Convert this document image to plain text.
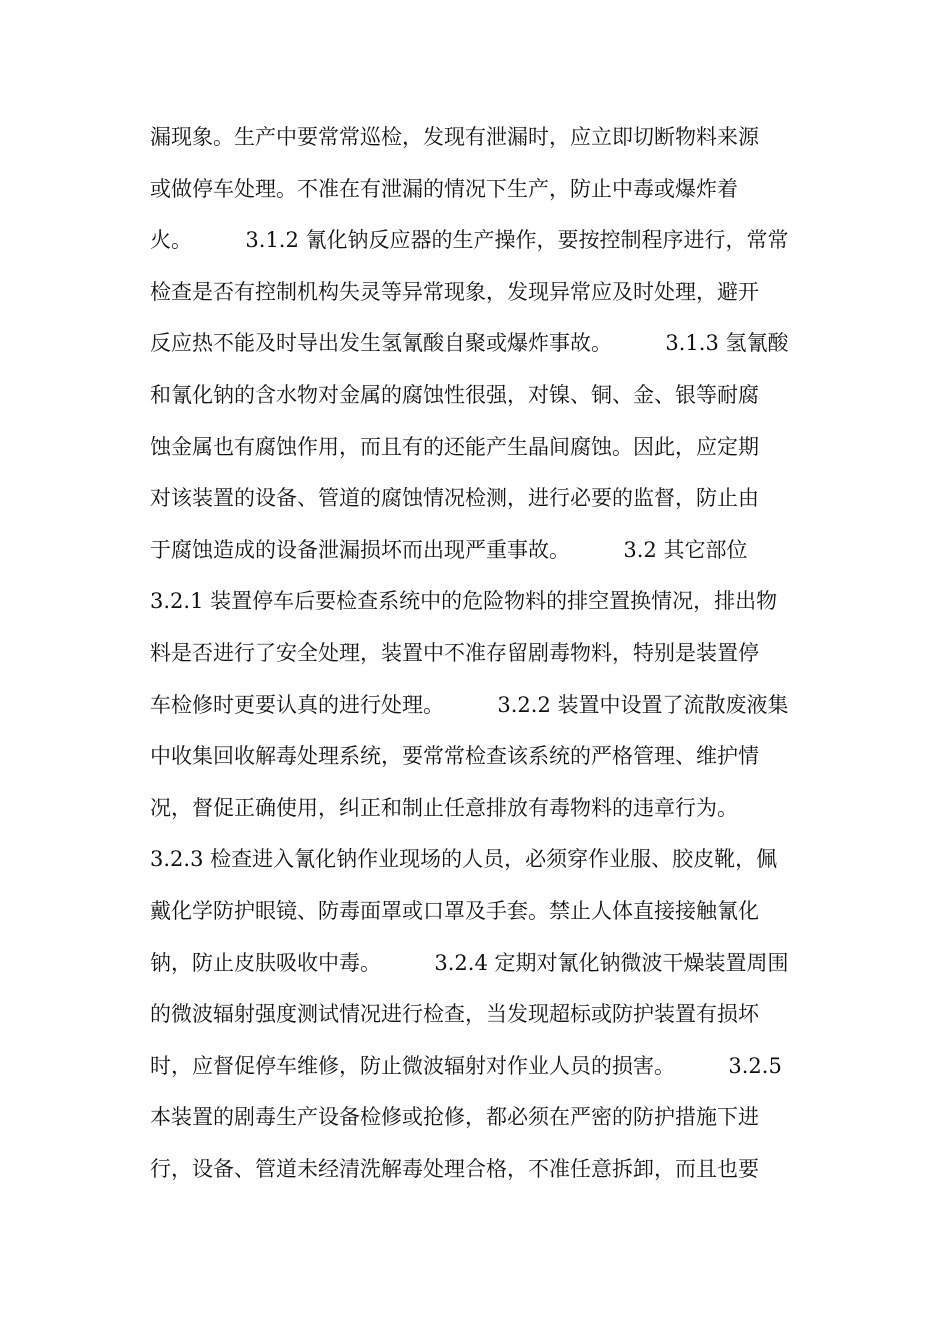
漏现象。生产中要常常巡检，发现有泄漏时，应立即切断物料来源
或做停车处理。不准在有泄漏的情况下生产，防止中毒或爆炸着
火。        3.1.2 氰化钠反应器的生产操作，要按控制程序进行，常常
检查是否有控制机构失灵等异常现象，发现异常应及时处理，避开
反应热不能及时导出发生氢氰酸自聚或爆炸事故。        3.1.3 氢氰酸
和氰化钠的含水物对金属的腐蚀性很强，对镍、铜、金、银等耐腐
蚀金属也有腐蚀作用，而且有的还能产生晶间腐蚀。因此，应定期
对该装置的设备、管道的腐蚀情况检测，进行必要的监督，防止由
于腐蚀造成的设备泄漏损坏而出现严重事故。        3.2 其它部位
3.2.1 装置停车后要检查系统中的危险物料的排空置换情况，排出物
料是否进行了安全处理，装置中不准存留剧毒物料，特别是装置停
车检修时更要认真的进行处理。        3.2.2 装置中设置了流散废液集
中收集回收解毒处理系统，要常常检查该系统的严格管理、维护情
况，督促正确使用，纠正和制止任意排放有毒物料的违章行为。
3.2.3 检查进入氰化钠作业现场的人员，必须穿作业服、胶皮靴，佩
戴化学防护眼镜、防毒面罩或口罩及手套。禁止人体直接接触氰化
钠，防止皮肤吸收中毒。        3.2.4 定期对氰化钠微波干燥装置周围
的微波辐射强度测试情况进行检查，当发现超标或防护装置有损坏
时，应督促停车维修，防止微波辐射对作业人员的损害。        3.2.5
本装置的剧毒生产设备检修或抢修，都必须在严密的防护措施下进
行，设备、管道未经清洗解毒处理合格，不准任意拆卸，而且也要
